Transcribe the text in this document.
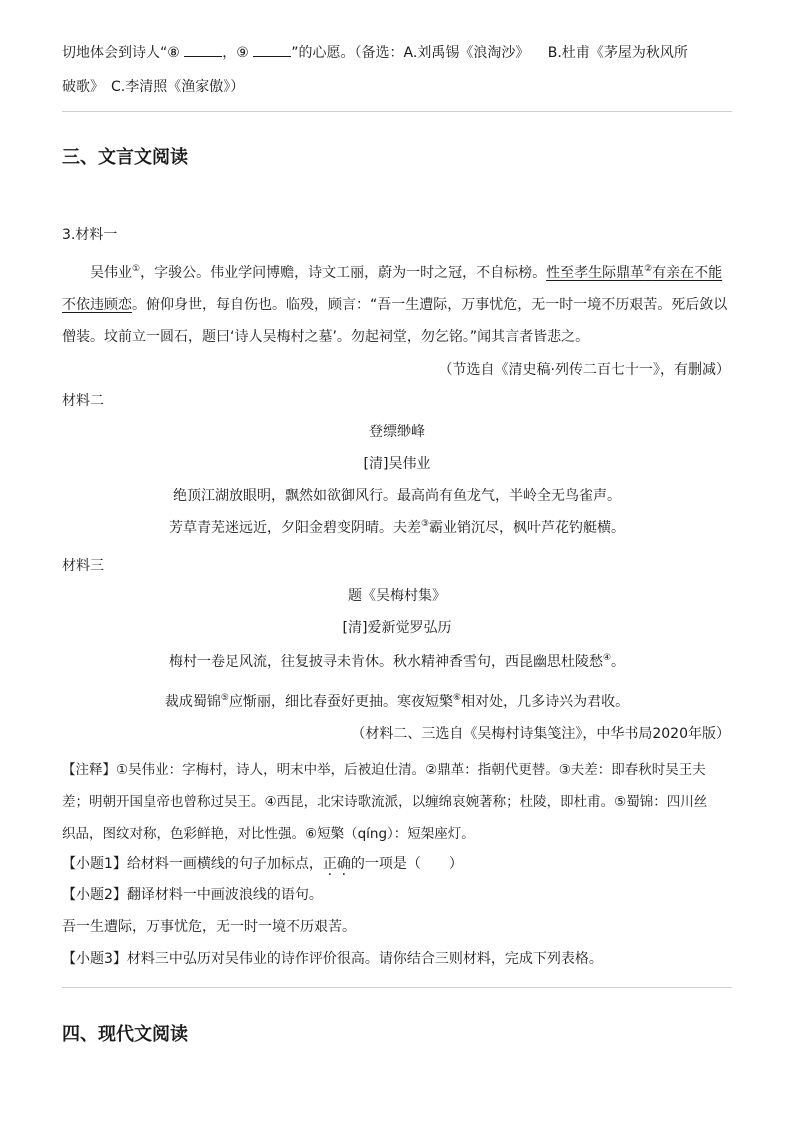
切地体会到诗人“⑧	，⑨	”的心愿。（备选：A.刘禹锡《浪淘沙》 B.杜甫《茅屋为秋风所
破歌》　C.李清照《渔家傲》）
三、文言文阅读
3.材料一
吴伟业①，字骏公。伟业学问博赡，诗文工丽，蔚为一时之冠，不自标榜。性至孝生际鼎革②有亲在不能
不依违顾恋。俯仰身世，每自伤也。临殁，顾言：“吾一生遭际，万事忧危，无一时一境不历艰苦。死后敛以
僧装。坟前立一圆石，题曰‘诗人吴梅村之墓’。勿起祠堂，勿乞铭。”闻其言者皆悲之。
（节选自《清史稿·列传二百七十一》，有删减）
材料二
登缥缈峰
[清]吴伟业
绝顶江湖放眼明，飘然如欲御风行。最高尚有鱼龙气，半岭全无鸟雀声。
芳草青芜迷远近，夕阳金碧变阴晴。夫差③霸业销沉尽，枫叶芦花钓艇横。
材料三
题《吴梅村集》
[清]爱新觉罗弘历
梅村一卷足风流，往复披寻未肯休。秋水精神香雪句，西昆幽思杜陵愁④。
裁成蜀锦⑤应惭丽，细比春蚕好更抽。寒夜短檠⑥相对处，几多诗兴为君收。
（材料二、三选自《吴梅村诗集笺注》，中华书局2020年版）
【注释】①吴伟业：字梅村，诗人，明末中举，后被迫仕清。②鼎革：指朝代更替。③夫差：即春秋时吴王夫
差；明朝开国皇帝也曾称过吴王。④西昆，北宋诗歌流派，以缠绵哀婉著称；杜陵，即杜甫。⑤蜀锦：四川丝
织品，图纹对称，色彩鲜艳，对比性强。⑥短檠（qíng）：短架座灯。
【小题1】给材料一画横线的句子加标点，正确的一项是（　　）
【小题2】翻译材料一中画波浪线的语句。
吾一生遭际，万事忧危，无一时一境不历艰苦。
【小题3】材料三中弘历对吴伟业的诗作评价很高。请你结合三则材料，完成下列表格。
四、现代文阅读
